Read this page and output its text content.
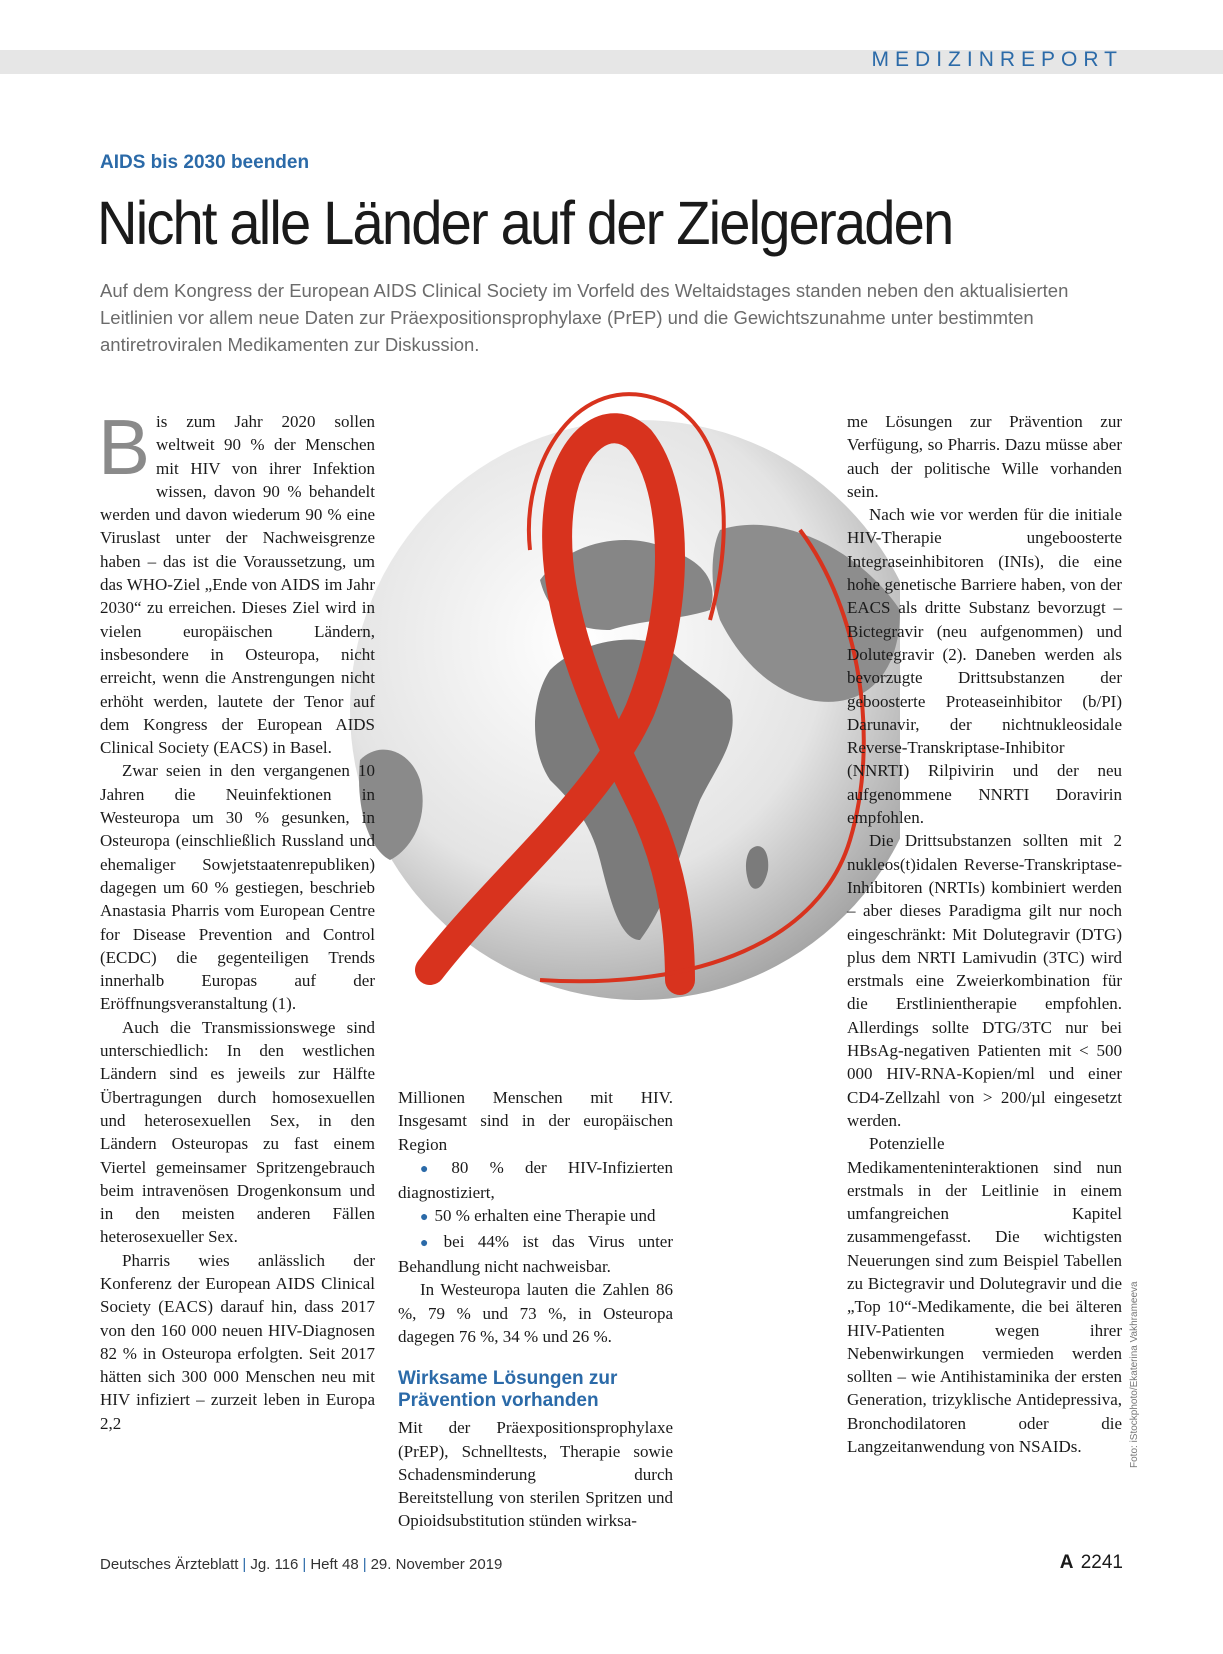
MEDIZINREPORT
AIDS bis 2030 beenden
Nicht alle Länder auf der Zielgeraden
Auf dem Kongress der European AIDS Clinical Society im Vorfeld des Weltaidstages standen neben den aktualisierten Leitlinien vor allem neue Daten zur Präexpositionsprophylaxe (PrEP) und die Gewichtszunahme unter bestimmten antiretroviralen Medikamenten zur Diskussion.

Bis zum Jahr 2020 sollen weltweit 90 % der Menschen mit HIV von ihrer Infektion wissen, davon 90 % behandelt werden und davon wiederum 90 % eine Viruslast unter der Nachweisgrenze haben – das ist die Voraussetzung, um das WHO-Ziel „Ende von AIDS im Jahr 2030“ zu erreichen. Dieses Ziel wird in vielen europäischen Ländern, insbesondere in Osteuropa, nicht erreicht, wenn die Anstrengungen nicht erhöht werden, lautete der Tenor auf dem Kongress der European AIDS Clinical Society (EACS) in Basel.

Zwar seien in den vergangenen 10 Jahren die Neuinfektionen in Westeuropa um 30 % gesunken, in Osteuropa (einschließlich Russland und ehemaliger Sowjetstaatenrepubliken) dagegen um 60 % gestiegen, beschrieb Anastasia Pharris vom European Centre for Disease Prevention and Control (ECDC) die gegenteiligen Trends innerhalb Europas auf der Eröffnungsveranstaltung (1).

Auch die Transmissionswege sind unterschiedlich: In den westlichen Ländern sind es jeweils zur Hälfte Übertragungen durch homosexuellen und heterosexuellen Sex, in den Ländern Osteuropas zu fast einem Viertel gemeinsamer Spritzengebrauch beim intravenösen Drogenkonsum und in den meisten anderen Fällen heterosexueller Sex.

Pharris wies anlässlich der Konferenz der European AIDS Clinical Society (EACS) darauf hin, dass 2017 von den 160 000 neuen HIV-Diagnosen 82 % in Osteuropa erfolgten. Seit 2017 hätten sich 300 000 Menschen neu mit HIV infiziert – zurzeit leben in Europa 2,2

Millionen Menschen mit HIV. Insgesamt sind in der europäischen Region

● 80 % der HIV-Infizierten diagnostiziert,

● 50 % erhalten eine Therapie und

● bei 44% ist das Virus unter Behandlung nicht nachweisbar.

In Westeuropa lauten die Zahlen 86 %, 79 % und 73 %, in Osteuropa dagegen 76 %, 34 % und 26 %.

Wirksame Lösungen zur Prävention vorhanden

Mit der Präexpositionsprophylaxe (PrEP), Schnelltests, Therapie sowie Schadensminderung durch Bereitstellung von sterilen Spritzen und Opioidsubstitution stünden wirksa-

me Lösungen zur Prävention zur Verfügung, so Pharris. Dazu müsse aber auch der politische Wille vorhanden sein.

Nach wie vor werden für die initiale HIV-Therapie ungeboosterte Integraseinhibitoren (INIs), die eine hohe genetische Barriere haben, von der EACS als dritte Substanz bevorzugt – Bictegravir (neu aufgenommen) und Dolutegravir (2). Daneben werden als bevorzugte Drittsubstanzen der geboosterte Proteaseinhibitor (b/PI) Darunavir, der nichtnukleosidale Reverse-Transkriptase-Inhibitor (NNRTI) Rilpivirin und der neu aufgenommene NNRTI Doravirin empfohlen.

Die Drittsubstanzen sollten mit 2 nukleos(t)idalen Reverse-Transkriptase-Inhibitoren (NRTIs) kombiniert werden – aber dieses Paradigma gilt nur noch eingeschränkt: Mit Dolutegravir (DTG) plus dem NRTI Lamivudin (3TC) wird erstmals eine Zweierkombination für die Erstlinientherapie empfohlen. Allerdings sollte DTG/3TC nur bei HBsAg-negativen Patienten mit < 500 000 HIV-RNA-Kopien/ml und einer CD4-Zellzahl von > 200/µl eingesetzt werden.

Potenzielle Medikamenteninteraktionen sind nun erstmals in der Leitlinie in einem umfangreichen Kapitel zusammengefasst. Die wichtigsten Neuerungen sind zum Beispiel Tabellen zu Bictegravir und Dolutegravir und die „Top 10“-Medikamente, die bei älteren HIV-Patienten wegen ihrer Nebenwirkungen vermieden werden sollten – wie Antihistaminika der ersten Generation, trizyklische Antidepressiva, Bronchodilatoren oder die Langzeitanwendung von NSAIDs.	Foto: iStockphoto/Ekaterina Vakhrameeva
Deutsches Ärzteblatt | Jg. 116 | Heft 48 | 29. November 2019	A 2241
